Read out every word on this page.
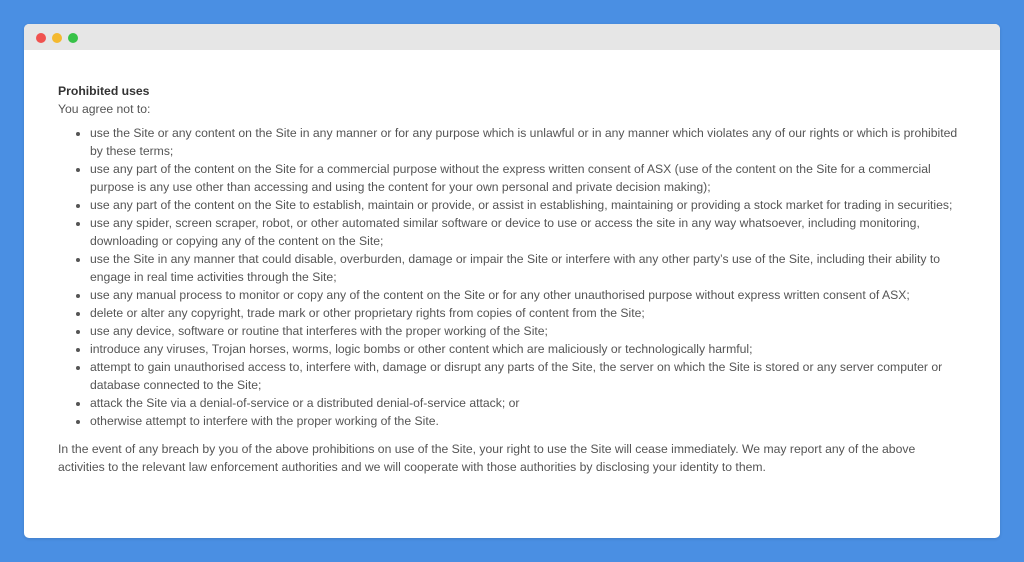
Prohibited uses

You agree not to:

• use the Site or any content on the Site in any manner or for any purpose which is unlawful or in any manner which violates any of our rights or which is prohibited by these terms;
• use any part of the content on the Site for a commercial purpose without the express written consent of ASX (use of the content on the Site for a commercial purpose is any use other than accessing and using the content for your own personal and private decision making);
• use any part of the content on the Site to establish, maintain or provide, or assist in establishing, maintaining or providing a stock market for trading in securities;
• use any spider, screen scraper, robot, or other automated similar software or device to use or access the site in any way whatsoever, including monitoring, downloading or copying any of the content on the Site;
• use the Site in any manner that could disable, overburden, damage or impair the Site or interfere with any other party’s use of the Site, including their ability to engage in real time activities through the Site;
• use any manual process to monitor or copy any of the content on the Site or for any other unauthorised purpose without express written consent of ASX;
• delete or alter any copyright, trade mark or other proprietary rights from copies of content from the Site;
• use any device, software or routine that interferes with the proper working of the Site;
• introduce any viruses, Trojan horses, worms, logic bombs or other content which are maliciously or technologically harmful;
• attempt to gain unauthorised access to, interfere with, damage or disrupt any parts of the Site, the server on which the Site is stored or any server computer or database connected to the Site;
• attack the Site via a denial-of-service or a distributed denial-of-service attack; or
• otherwise attempt to interfere with the proper working of the Site.

In the event of any breach by you of the above prohibitions on use of the Site, your right to use the Site will cease immediately. We may report any of the above activities to the relevant law enforcement authorities and we will cooperate with those authorities by disclosing your identity to them.
